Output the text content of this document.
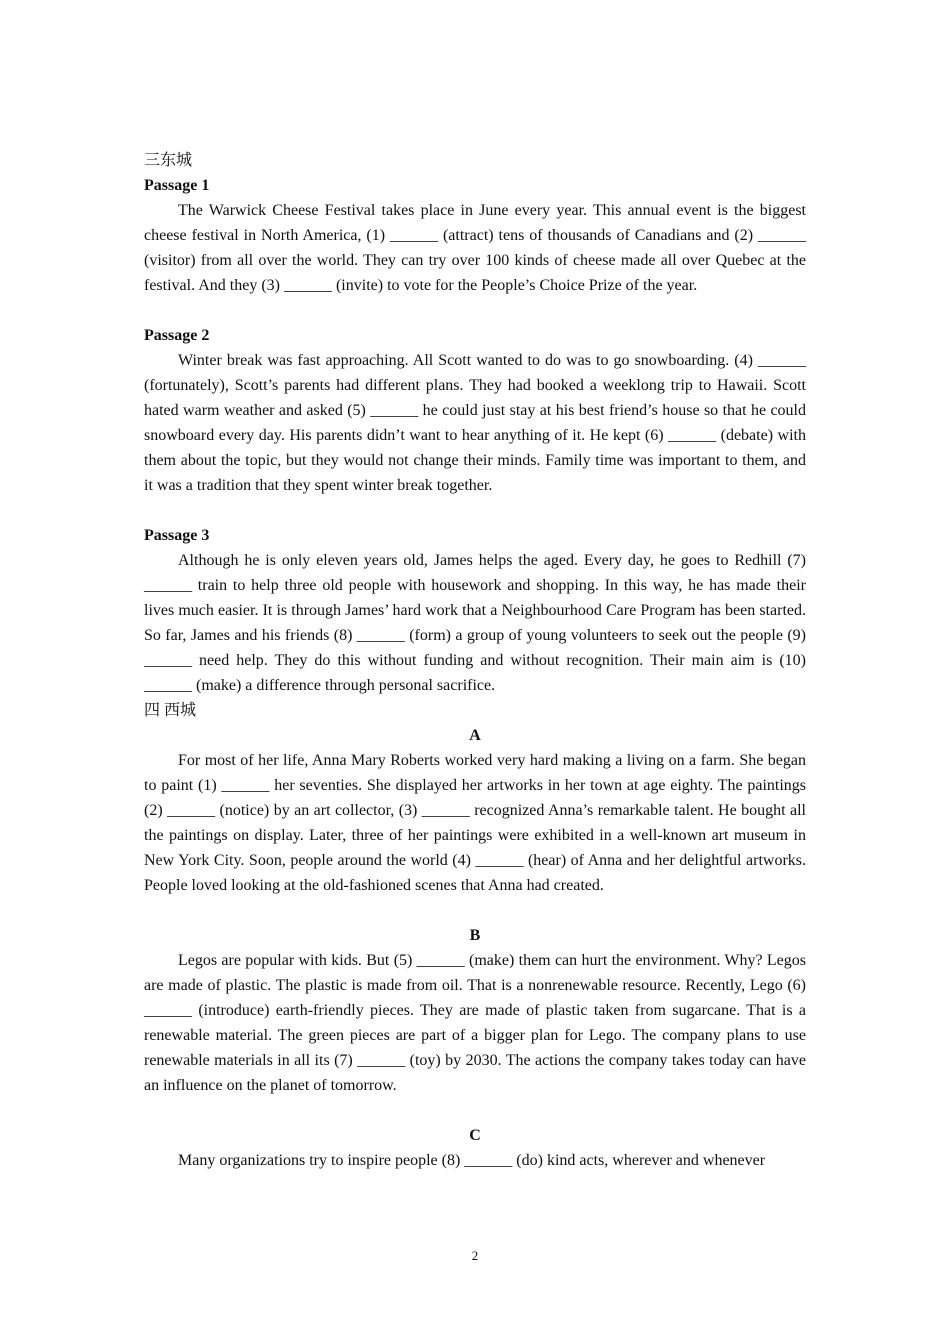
三东城

Passage 1

The Warwick Cheese Festival takes place in June every year. This annual event is the biggest cheese festival in North America, (1) ______ (attract) tens of thousands of Canadians and (2) ______ (visitor) from all over the world. They can try over 100 kinds of cheese made all over Quebec at the festival. And they (3) ______ (invite) to vote for the People’s Choice Prize of the year.

Passage 2

Winter break was fast approaching. All Scott wanted to do was to go snowboarding. (4) ______ (fortunately), Scott’s parents had different plans. They had booked a weeklong trip to Hawaii. Scott hated warm weather and asked (5) ______ he could just stay at his best friend’s house so that he could snowboard every day. His parents didn’t want to hear anything of it. He kept (6) ______ (debate) with them about the topic, but they would not change their minds. Family time was important to them, and it was a tradition that they spent winter break together.

Passage 3

Although he is only eleven years old, James helps the aged. Every day, he goes to Redhill (7) ______ train to help three old people with housework and shopping. In this way, he has made their lives much easier. It is through James’ hard work that a Neighbourhood Care Program has been started. So far, James and his friends (8) ______ (form) a group of young volunteers to seek out the people (9) ______ need help. They do this without funding and without recognition. Their main aim is (10) ______ (make) a difference through personal sacrifice.

四 西城

A

For most of her life, Anna Mary Roberts worked very hard making a living on a farm. She began to paint (1) ______ her seventies. She displayed her artworks in her town at age eighty. The paintings (2) ______ (notice) by an art collector, (3) ______ recognized Anna’s remarkable talent. He bought all the paintings on display. Later, three of her paintings were exhibited in a well-known art museum in New York City. Soon, people around the world (4) ______ (hear) of Anna and her delightful artworks. People loved looking at the old-fashioned scenes that Anna had created.

B

Legos are popular with kids. But (5) ______ (make) them can hurt the environment. Why? Legos are made of plastic. The plastic is made from oil. That is a nonrenewable resource. Recently, Lego (6) ______ (introduce) earth-friendly pieces. They are made of plastic taken from sugarcane. That is a renewable material. The green pieces are part of a bigger plan for Lego. The company plans to use renewable materials in all its (7) ______ (toy) by 2030. The actions the company takes today can have an influence on the planet of tomorrow.

C

Many organizations try to inspire people (8) ______ (do) kind acts, wherever and whenever

2
